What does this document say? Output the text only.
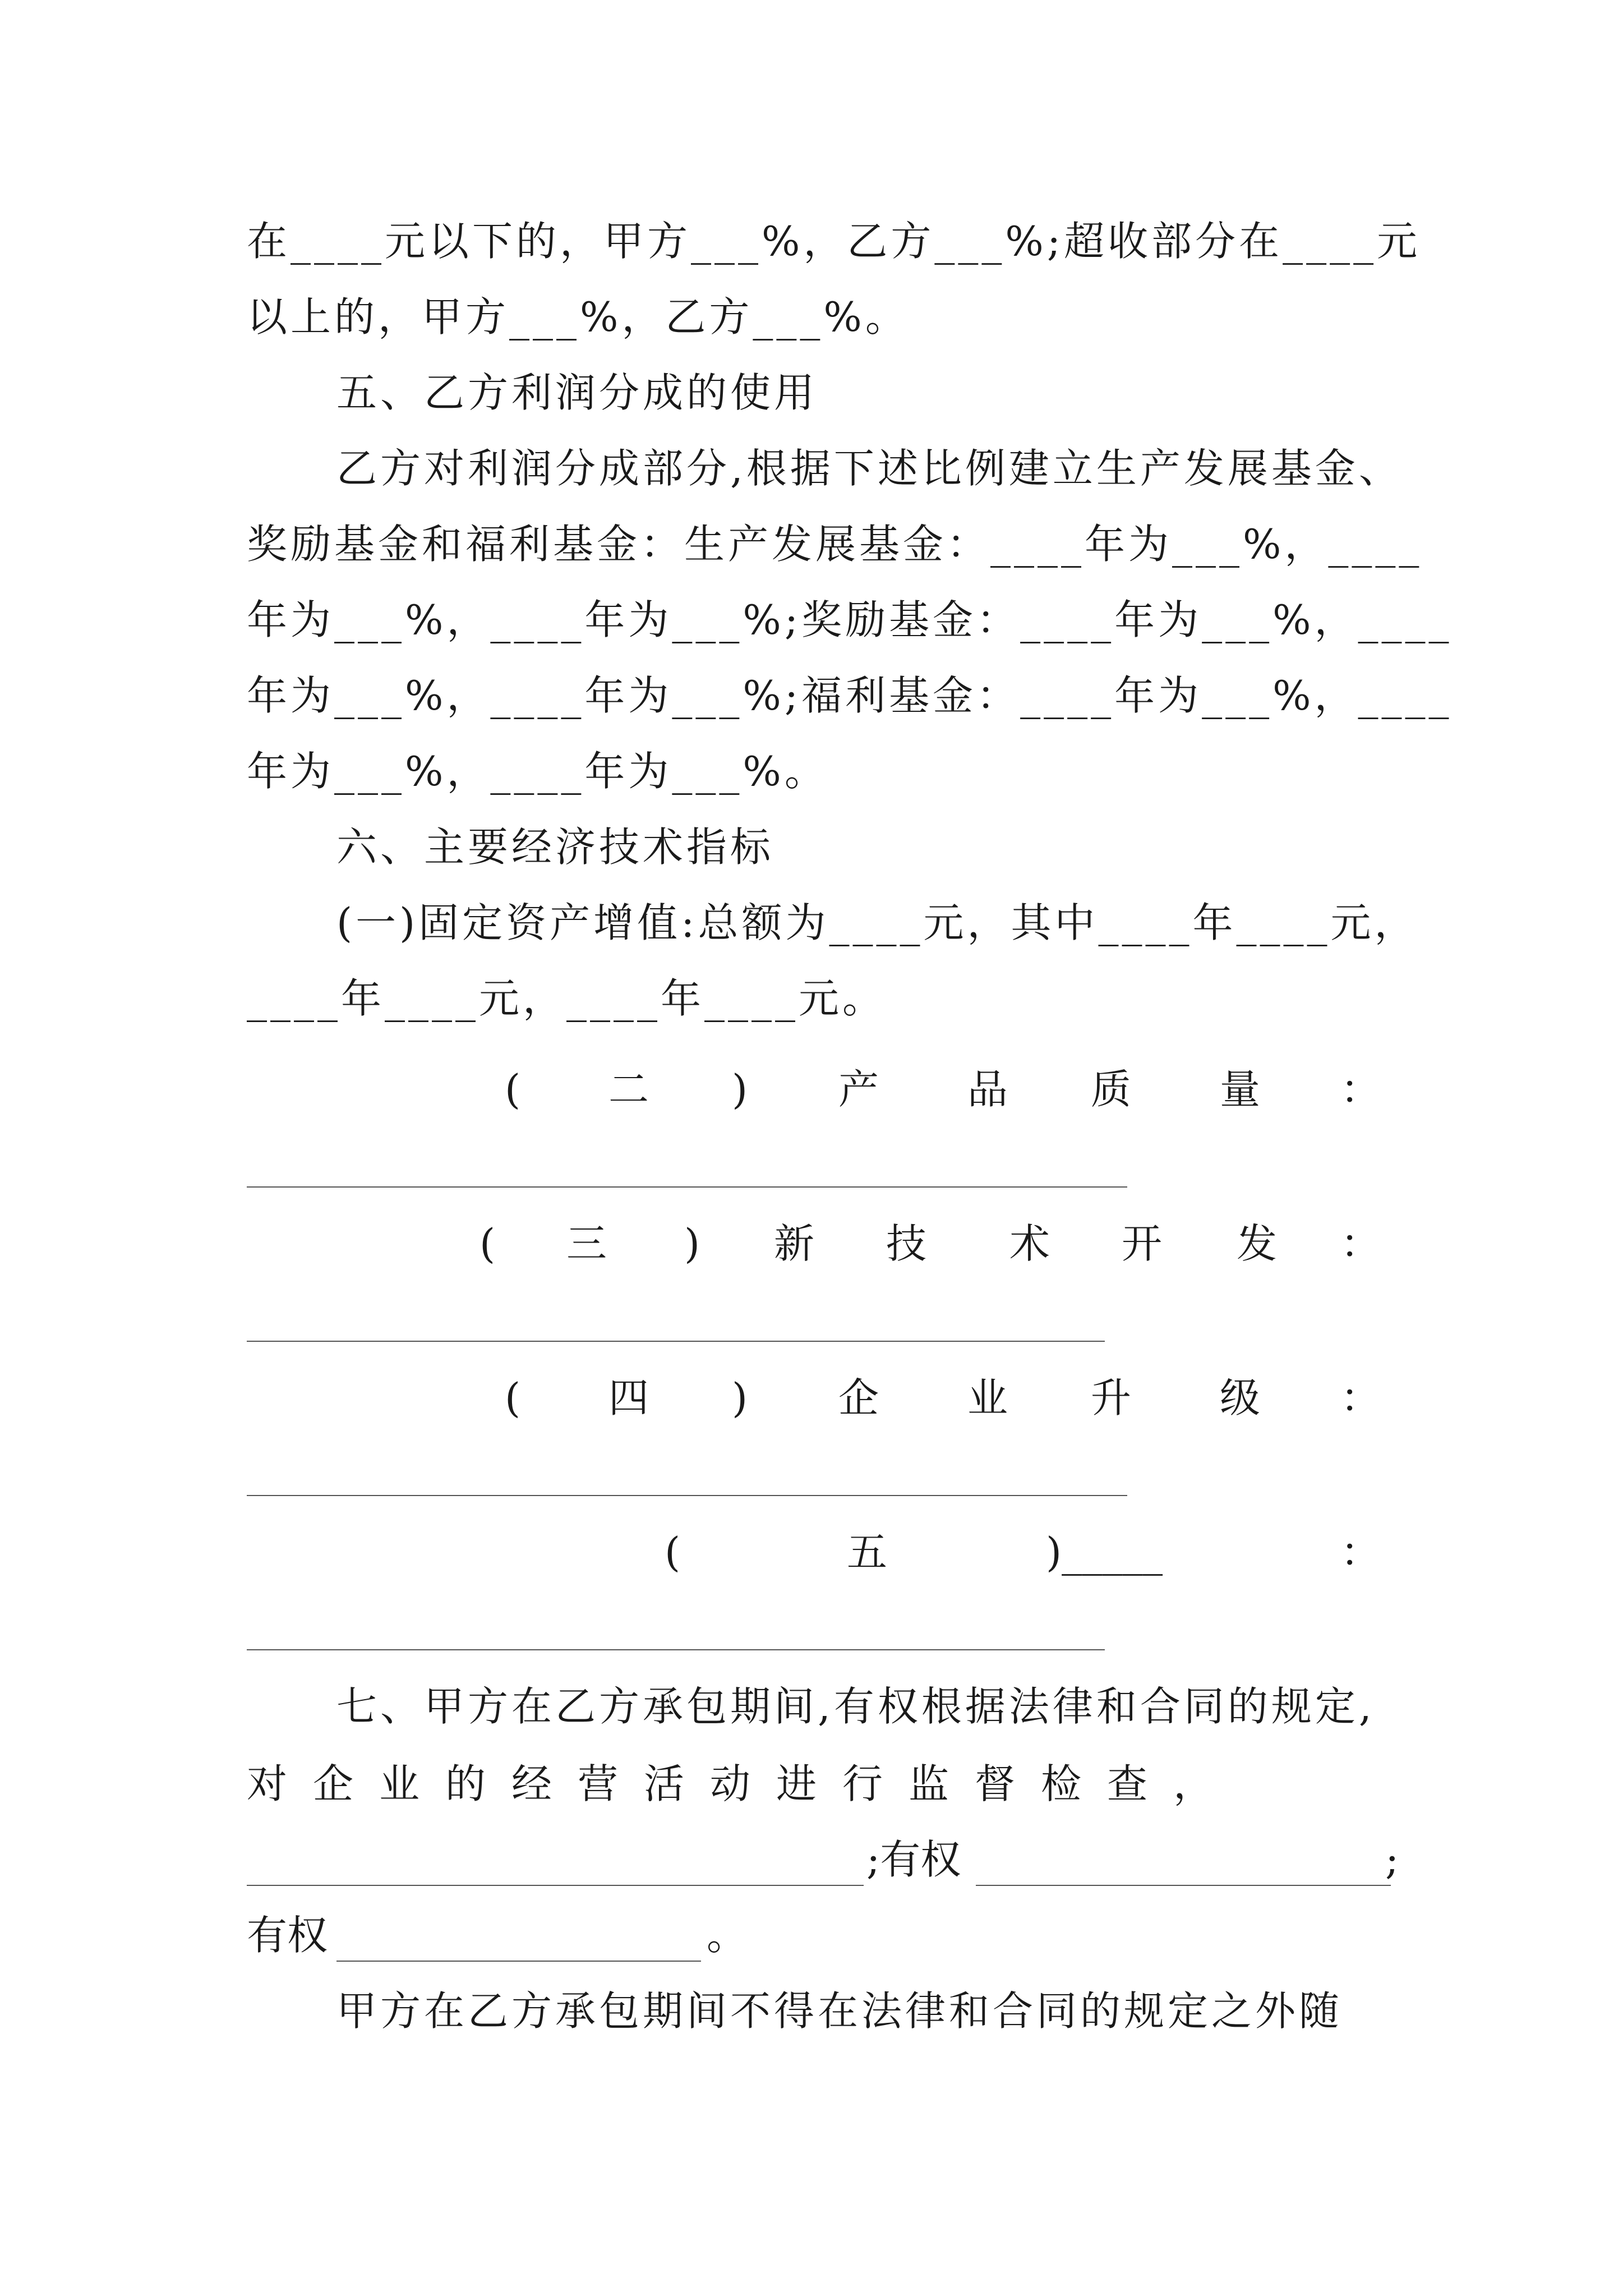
在____元以下的，甲方___%，乙方___%;超收部分在____元
以上的，甲方___%，乙方___%。
五、乙方利润分成的使用
乙方对利润分成部分,根据下述比例建立生产发展基金、
奖励基金和福利基金：生产发展基金：____年为___%，____
年为___%，____年为___%;奖励基金：____年为___%，____
年为___%，____年为___%;福利基金：____年为___%，____
年为___%，____年为___%。
六、主要经济技术指标
(一)固定资产增值:总额为____元，其中____年____元，
____年____元，____年____元。
( 二 ) 产 品 质 量 ：
( 三 ) 新 技 术 开 发 ：
( 四 ) 企 业 升 级 ：
(	五	)_____	：
七、甲方在乙方承包期间,有权根据法律和合同的规定,
对企业的经营活动进行监督检查，
;有权	;
有权	。
甲方在乙方承包期间不得在法律和合同的规定之外随
